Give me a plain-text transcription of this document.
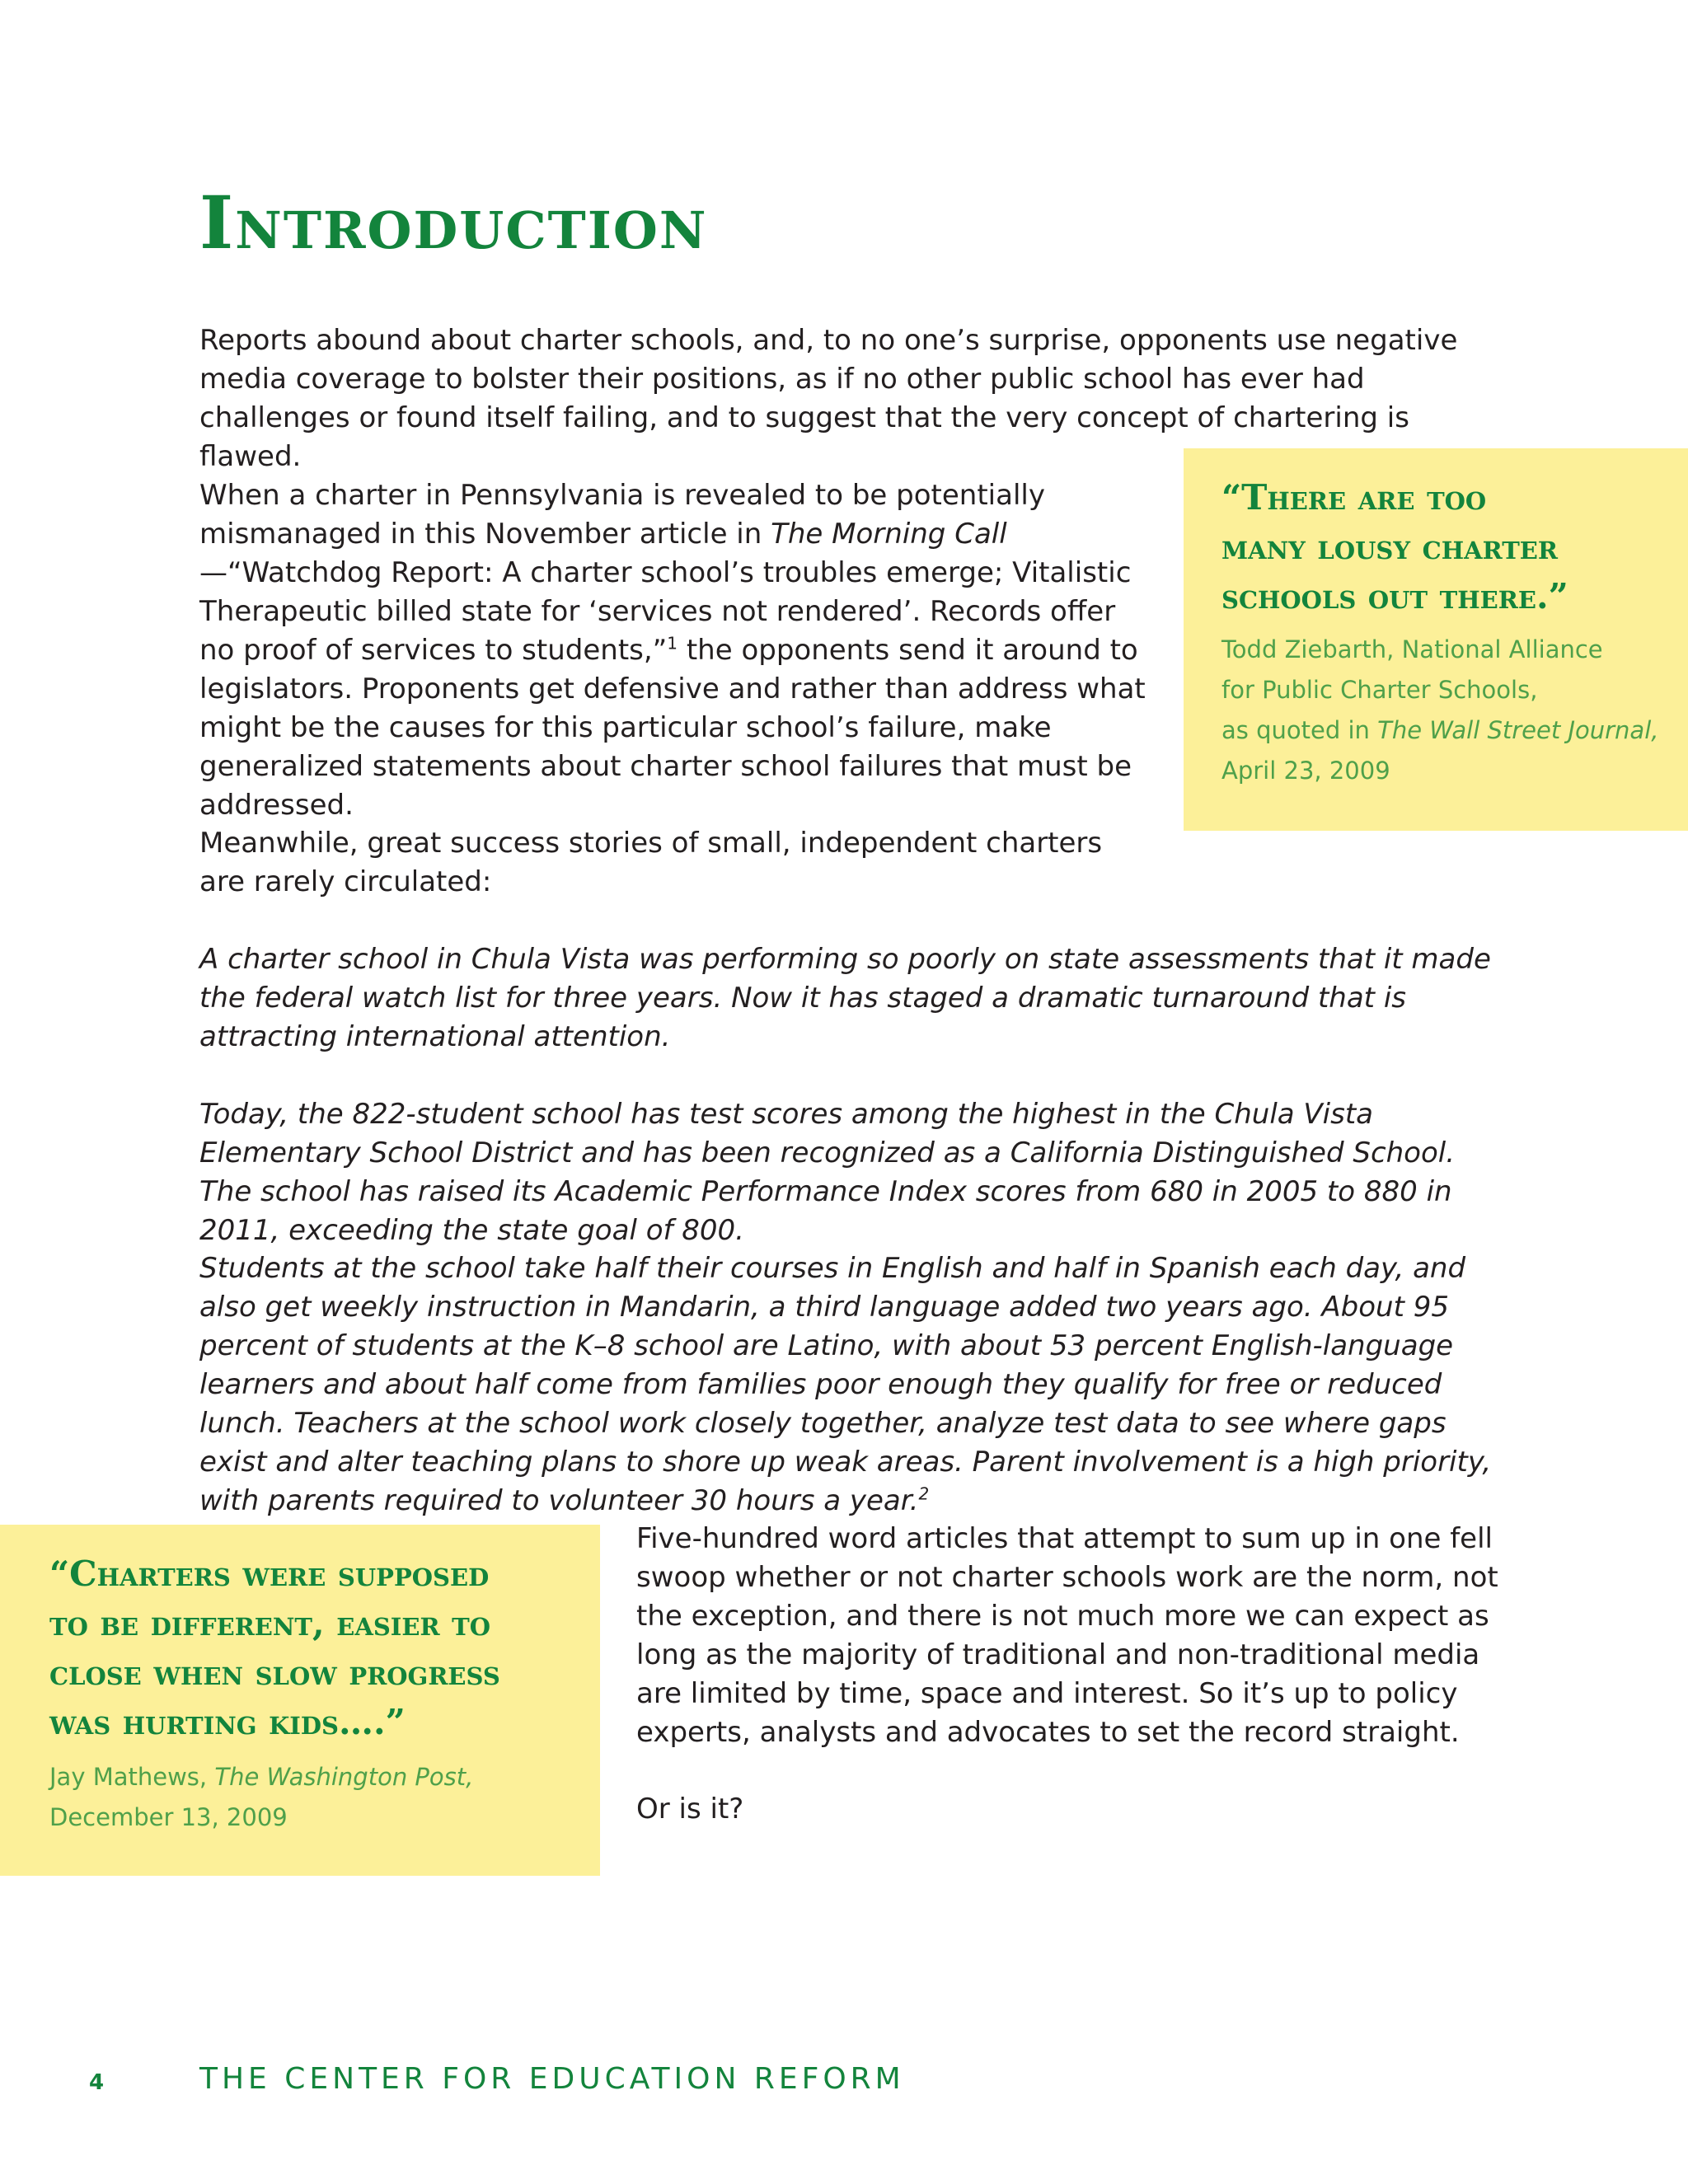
Introduction

Reports abound about charter schools, and, to no one’s surprise, opponents use negative media coverage to bolster their positions, as if no other public school has ever had challenges or found itself failing, and to suggest that the very concept of chartering is flawed.

When a charter in Pennsylvania is revealed to be potentially mismanaged in this November article in The Morning Call—“Watchdog Report: A charter school’s troubles emerge; Vitalistic Therapeutic billed state for ‘services not rendered’. Records offer no proof of services to students,”$^1$ the opponents send it around to legislators. Proponents get defensive and rather than address what might be the causes for this particular school’s failure, make generalized statements about charter school failures that must be addressed.

Meanwhile, great success stories of small, independent charters are rarely circulated:

A charter school in Chula Vista was performing so poorly on state assessments that it made the federal watch list for three years. Now it has staged a dramatic turnaround that is attracting international attention.

Today, the 822-student school has test scores among the highest in the Chula Vista Elementary School District and has been recognized as a California Distinguished School. The school has raised its Academic Performance Index scores from 680 in 2005 to 880 in 2011, exceeding the state goal of 800.

Students at the school take half their courses in English and half in Spanish each day, and also get weekly instruction in Mandarin, a third language added two years ago. About 95 percent of students at the K–8 school are Latino, with about 53 percent English-language learners and about half come from families poor enough they qualify for free or reduced lunch. Teachers at the school work closely together, analyze test data to see where gaps exist and alter teaching plans to shore up weak areas. Parent involvement is a high priority, with parents required to volunteer 30 hours a year.$^2$

Five-hundred word articles that attempt to sum up in one fell swoop whether or not charter schools work are the norm, not the exception, and there is not much more we can expect as long as the majority of traditional and non-traditional media are limited by time, space and interest. So it’s up to policy experts, analysts and advocates to set the record straight.

Or is it?

“There are too
many lousy charter
schools out there.”

Todd Ziebarth, National Alliance
for Public Charter Schools,
as quoted in The Wall Street Journal,
April 23, 2009

“Charters were supposed
to be different, easier to
close when slow progress
was hurting kids….”

Jay Mathews, The Washington Post,
December 13, 2009

4	THE CENTER FOR EDUCATION REFORM
